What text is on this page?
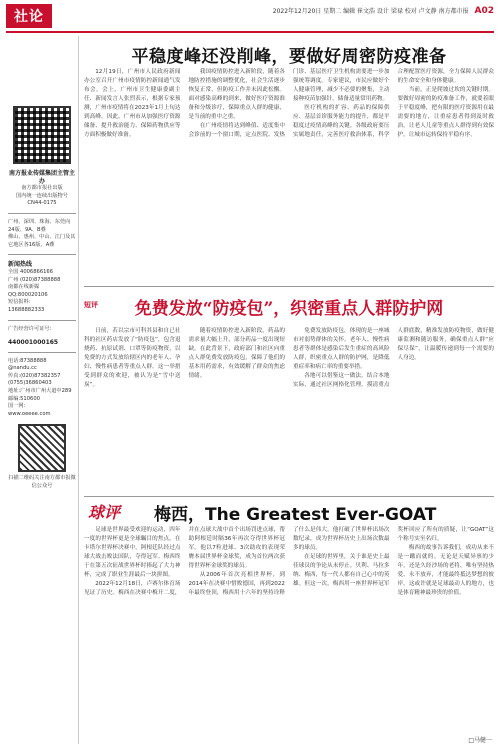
社论	2022年12月20日 星期二 编辑 崔文浩 设计 梁禄 校对 卢文静 南方都市报 A02
南方报业传媒集团主管主办
南方都市报社出版
国内统一连续出版物号 CN44-0175
广州、深圳、珠海、东莞向24版、9A、B叠
佛山、惠州、中山、江门及其它地区各16版、A叠
新闻热线
全国 4006866166
广州 (020)87388888
南都在线新媒QQ:800020106
短信报料:
13688882333
广告经营许可证号:
440001000165
电话:87388888
@nandu.cc
传真:(020)87382357
(0755)36860403
地址:广州市广州大道中289
邮编:510600
国一网:
www.oeeee.com
扫描二维码关注南方都市报微信公众号
平稳度峰还没削峰，要做好周密防疫准备

12月19日，广州市人民政府新闻办公室召开广州市疫情防控新闻通气发布会。会上，广州市卫生健康委副主任、新闻发言人张烈表示，根据专家预测，广州市疫情将在2023年1月上旬达到高峰。因此，广州市从加强医疗资源储备、提升救治能力、保障药物供应等方面积极做好准备。

我国疫情防控进入新阶段，随着各地防控措施的调整优化，社会生活逐步恢复正常，但防疫工作并未因此松懈。面对感染高峰的到来，做好医疗资源准备和分级诊疗，保障重点人群的健康，是当前的重中之重。

在广州疫情将达到峰值、适度集中会诊前的一个窗口期，定点医院、发热门诊、基层医疗卫生机构需要进一步加强统筹调度。专家建议，市民应做好个人健康管理，减少不必要的聚集，主动接种疫苗加强针，储备适量常用药物。

医疗机构的扩容、药品的保障供应、基层首诊服务能力的提升，都是平稳度过疫情高峰的关键。各级政府要压实属地责任，完善医疗救治体系，科学合理配置医疗资源，全力保障人民群众的生命安全和身体健康。

当前，正是爬坡过坎的关键时期。要做好周密的防疫准备工作，就要着眼于平稳度峰，把有限的医疗资源用在最需要的地方，让重症患者得到及时救治，让老人儿童等重点人群得到有效保护，让城市运转保持平稳有序。

短评	免费发放“防疫包”，织密重点人群防护网

日前，若以宗市可科其县和自已社科的社区药店发放了“防疫包”，包含退烧药、抗原试剂、口罩等防疫物资，以免费的方式发放给辖区内的老年人、孕妇、慢性病患者等重点人群。这一举措受到群众的欢迎，被认为是“雪中送炭”。

随着疫情防控进入新阶段，药品的需求量大幅上升，部分药品一度出现短缺。在此背景下，政府部门和社区向重点人群免费发放防疫包，保障了他们的基本用药需求，有效缓解了群众的焦虑情绪。

免费发放防疫包，体现的是一座城市对弱势群体的关怀。老年人、慢性病患者等群体是感染后发生重症的高风险人群，织密重点人群的防护网，是降低重症率和病亡率的重要举措。

各地可以借鉴这一做法，结合本地实际，通过社区网格化管理，摸清重点人群底数，精准发放防疫物资，做好健康监测和随访服务，确保重点人群“应保尽保”，让温暖传递到每一个需要的人身边。

球评 梅西，The Greatest Ever-GOAT

足球是世界最受欢迎的运动，四年一度的世界杯更是全球瞩目的焦点。在卡塔尔世界杯决赛中，阿根廷队经过点球大战击败法国队，夺得冠军。梅西终于在第五次征战世界杯时捧起了大力神杯，完成了职业生涯最后一块拼图。

2022年12月18日，卢赛尔体育场见证了历史。梅西在决赛中梅开二度，并在点球大战中首个出场罚进点球，帮助阿根廷时隔36年再次夺得世界杯冠军。他以7粒进球、3次助攻的表现荣膺本届世界杯金球奖，成为首位两次获得世界杯金球奖的球员。

从2006年首次亮相世界杯，到2014年在决赛中惜败德国，再到2022年最终登顶，梅西用十六年的坚持诠释了什么是伟大。他打破了世界杯出场次数纪录，成为世界杯历史上出场次数最多的球员。

在足球的世界里，关于谁是史上最佳球员的争论从未停止。贝利、马拉多纳、梅西，每一代人都有自己心中的英雄。但这一次，梅西用一座世界杯冠军奖杯回应了所有的质疑，让“GOAT”这个称号实至名归。

梅西的故事告诉我们，成功从来不是一蹴而就的。无论是天赋异禀的少年，还是久经沙场的老将，唯有坚持热爱、永不放弃，才能最终抵达梦想的彼岸。这或许就是足球最动人的地方，也是体育精神最珍贵的价值。

□马健一
